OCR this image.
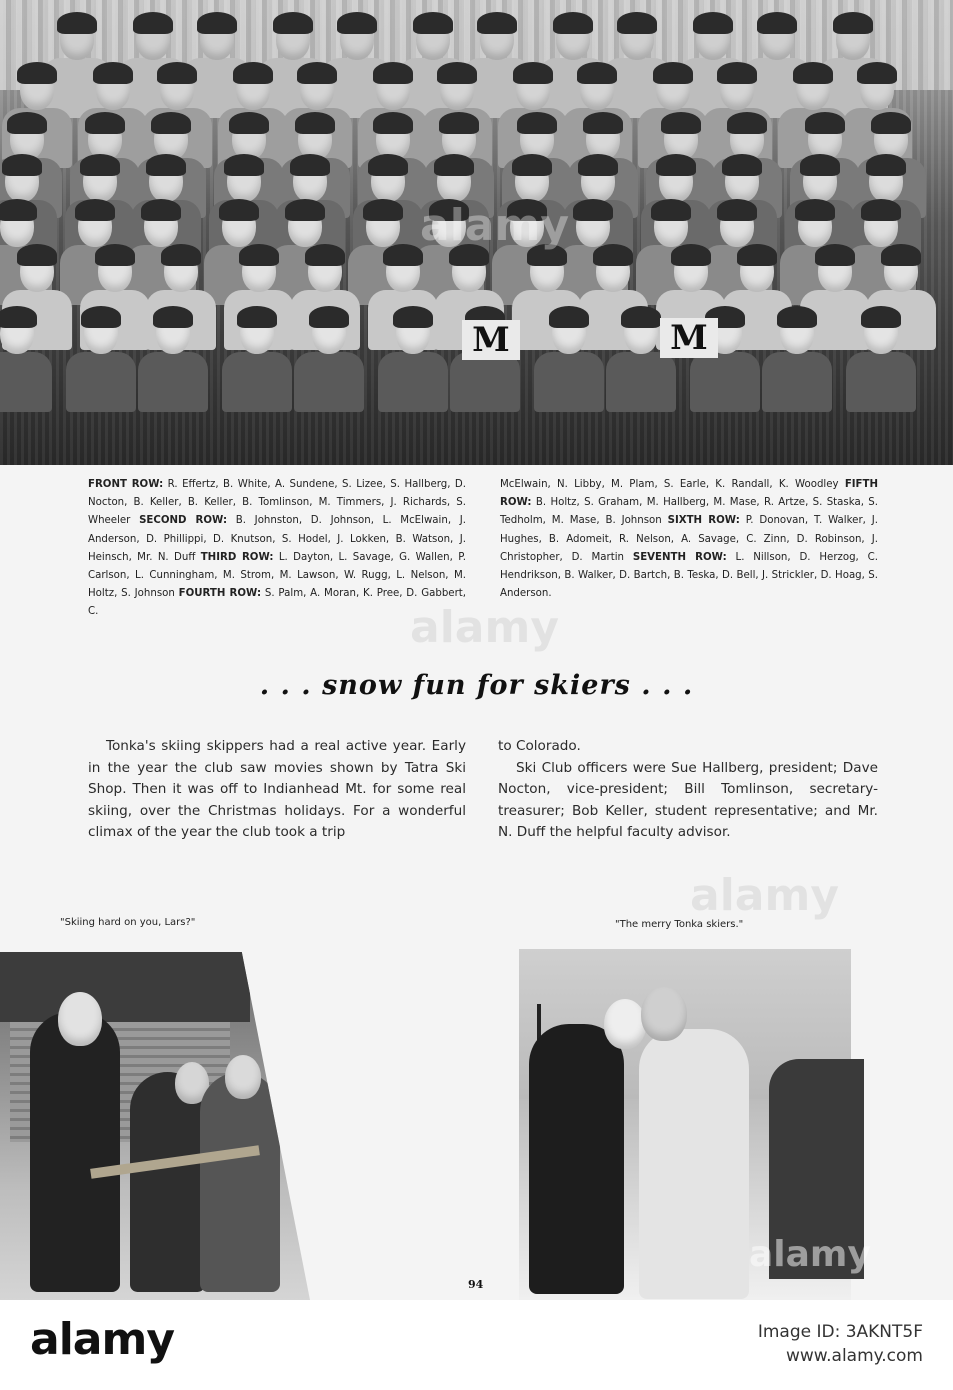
M	M
alamy
FRONT ROW: R. Effertz, B. White, A. Sundene, S. Lizee, S. Hallberg, D. Nocton, B. Keller, B. Keller, B. Tomlinson, M. Timmers, J. Richards, S. Wheeler SECOND ROW: B. Johnston, D. Johnson, L. McElwain, J. Anderson, D. Phillippi, D. Knutson, S. Hodel, J. Lokken, B. Watson, J. Heinsch, Mr. N. Duff THIRD ROW: L. Dayton, L. Savage, G. Wallen, P. Carlson, L. Cunningham, M. Strom, M. Lawson, W. Rugg, L. Nelson, M. Holtz, S. Johnson FOURTH ROW: S. Palm, A. Moran, K. Pree, D. Gabbert, C.
McElwain, N. Libby, M. Plam, S. Earle, K. Randall, K. Woodley FIFTH ROW: B. Holtz, S. Graham, M. Hallberg, M. Mase, R. Artze, S. Staska, S. Tedholm, M. Mase, B. Johnson SIXTH ROW: P. Donovan, T. Walker, J. Hughes, B. Adomeit, R. Nelson, A. Savage, C. Zinn, D. Robinson, J. Christopher, D. Martin SEVENTH ROW: L. Nillson, D. Herzog, C. Hendrikson, B. Walker, D. Bartch, B. Teska, D. Bell, J. Strickler, D. Hoag, S. Anderson.
alamy
. . . snow fun for skiers . . .
Tonka's skiing skippers had a real active year. Early in the year the club saw movies shown by Tatra Ski Shop. Then it was off to Indianhead Mt. for some real skiing, over the Christmas holidays. For a wonderful climax of the year the club took a trip
to Colorado.
Ski Club officers were Sue Hallberg, president; Dave Nocton, vice-president; Bill Tomlinson, secretary-treasurer; Bob Keller, student representative; and Mr. N. Duff the helpful faculty advisor.
"Skiing hard on you, Lars?"	"The merry Tonka skiers."
alamy
alamy
94
alamy	Image ID: 3AKNT5F
www.alamy.com
